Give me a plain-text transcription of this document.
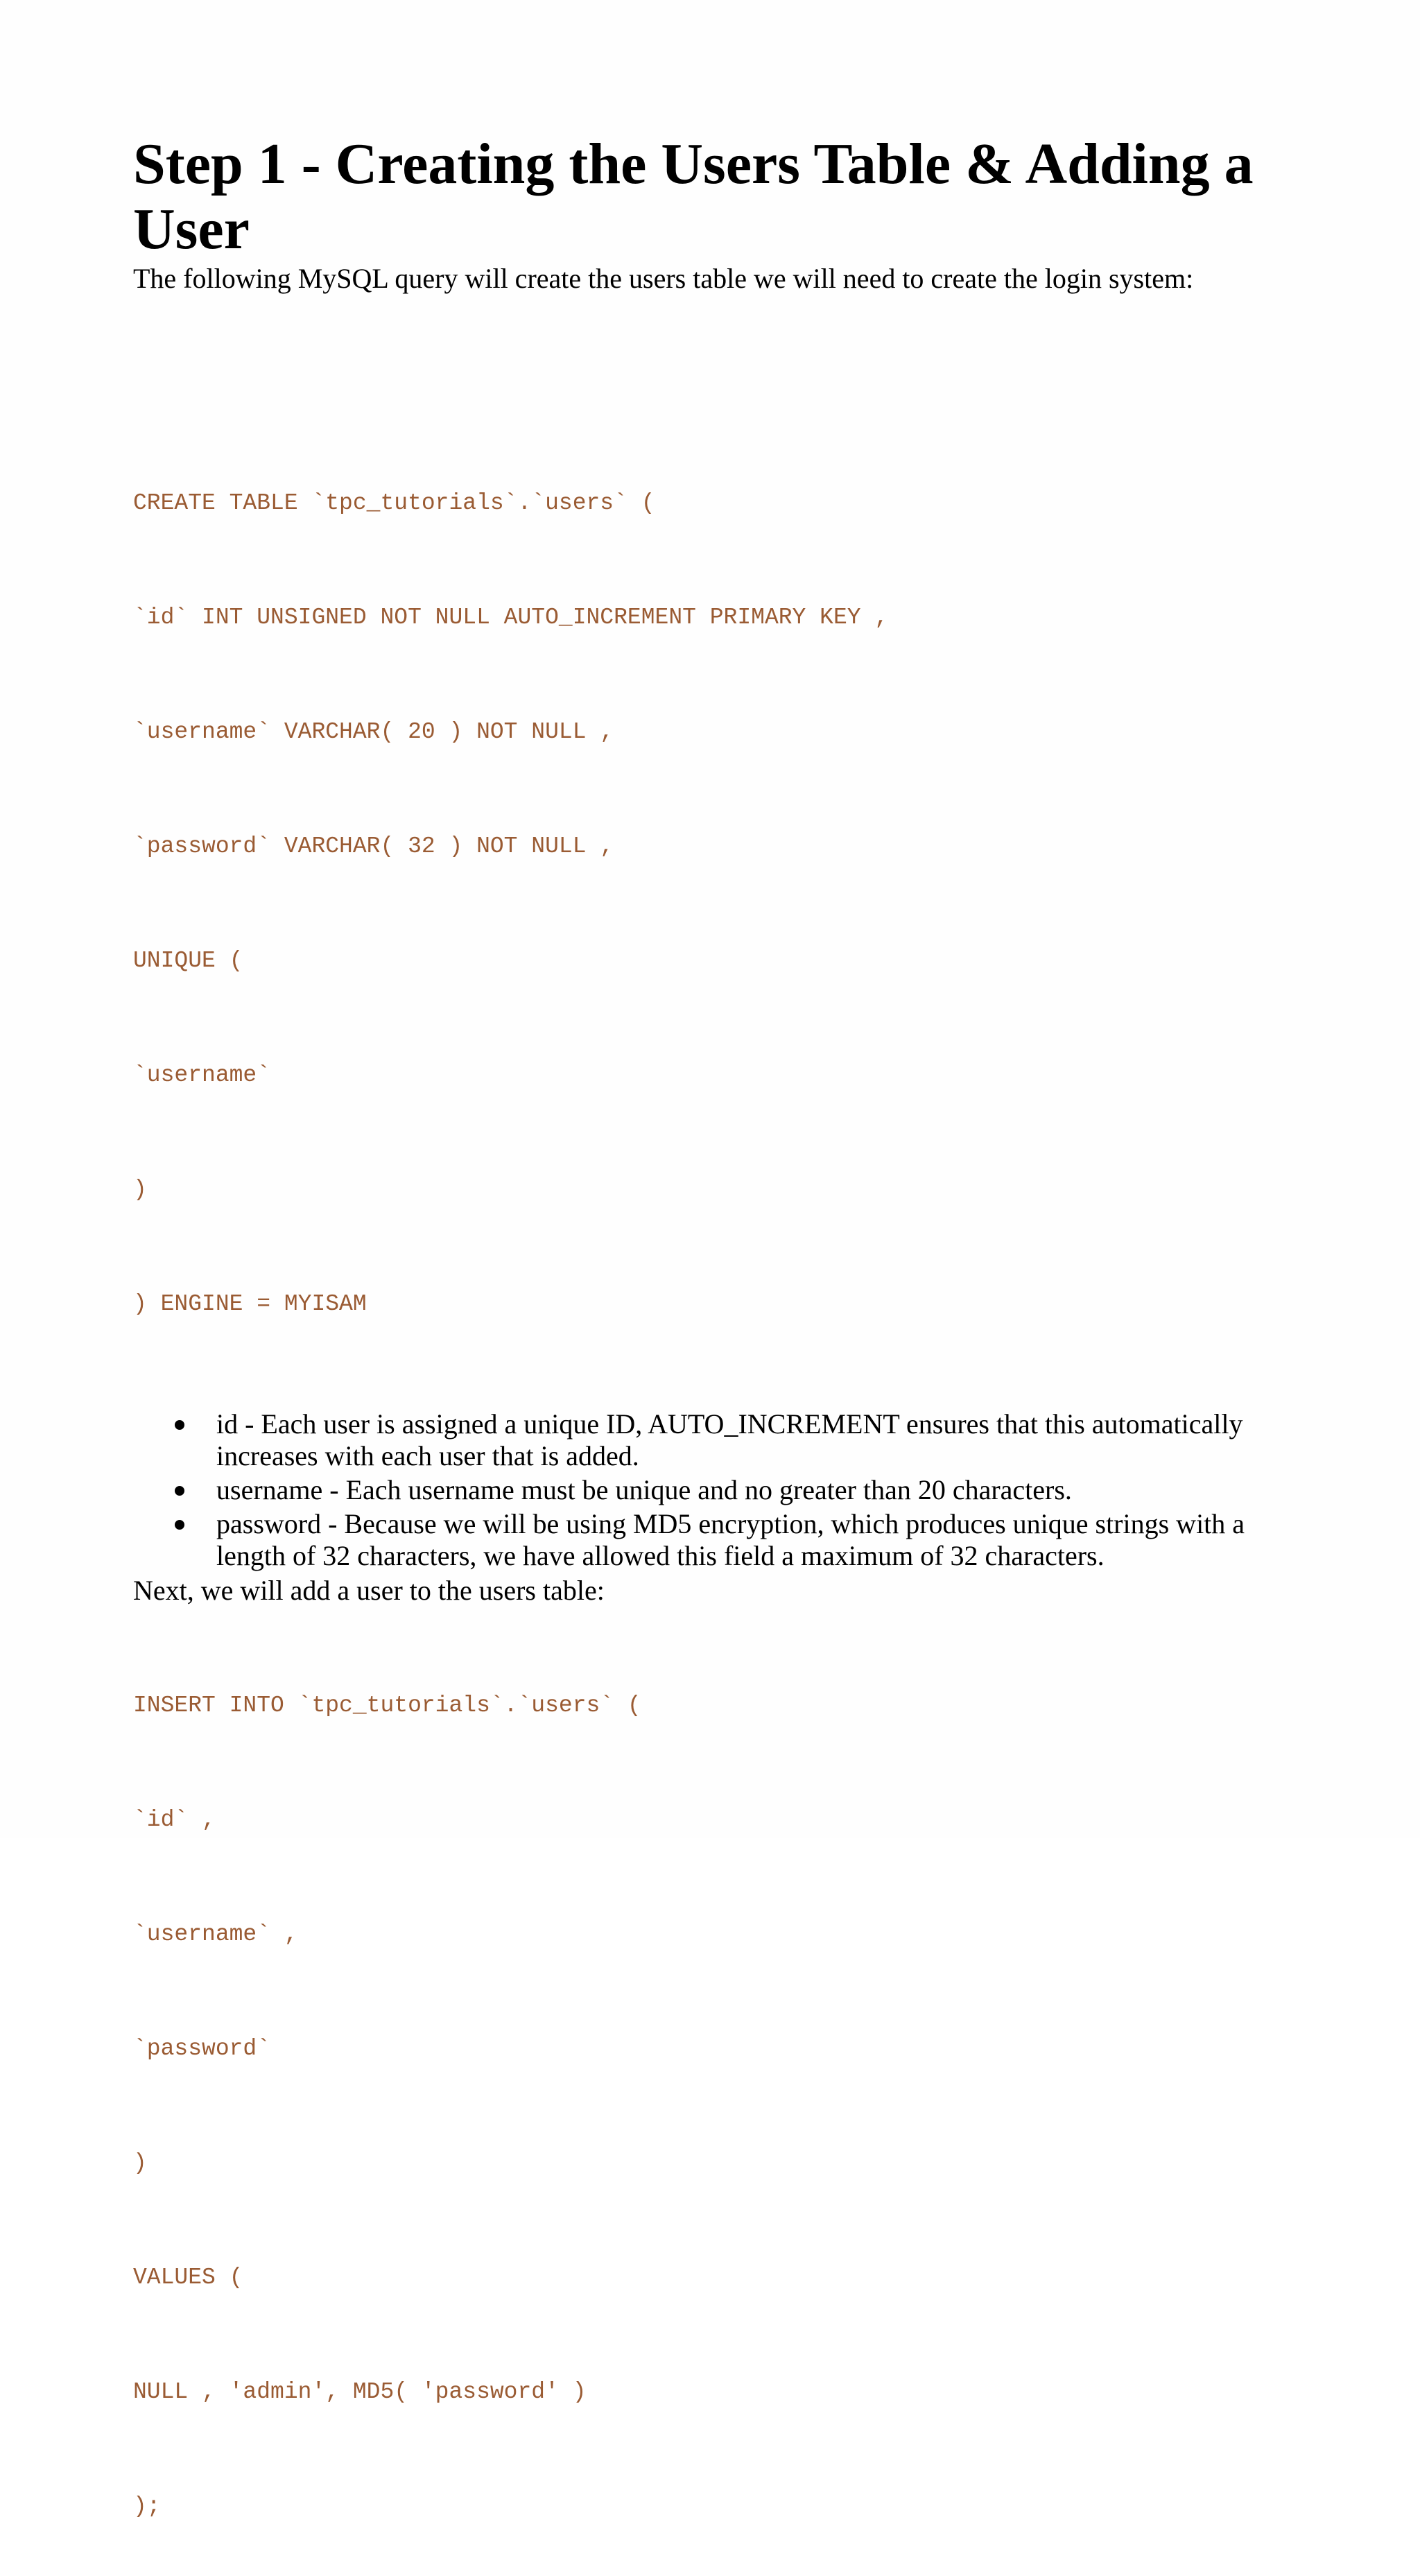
Step 1 - Creating the Users Table & Adding a User

The following MySQL query will create the users table we will need to create the login system:

CREATE TABLE `tpc_tutorials`.`users` (

`id` INT UNSIGNED NOT NULL AUTO_INCREMENT PRIMARY KEY ,

`username` VARCHAR( 20 ) NOT NULL ,

`password` VARCHAR( 32 ) NOT NULL ,

UNIQUE (

`username`

)

) ENGINE = MYISAM

id - Each user is assigned a unique ID, AUTO_INCREMENT ensures that this automatically increases with each user that is added.
username - Each username must be unique and no greater than 20 characters.
password - Because we will be using MD5 encryption, which produces unique strings with a length of 32 characters, we have allowed this field a maximum of 32 characters.

Next, we will add a user to the users table:

INSERT INTO `tpc_tutorials`.`users` (

`id` ,

`username` ,

`password`

)

VALUES (

NULL , 'admin', MD5( 'password' )

);
